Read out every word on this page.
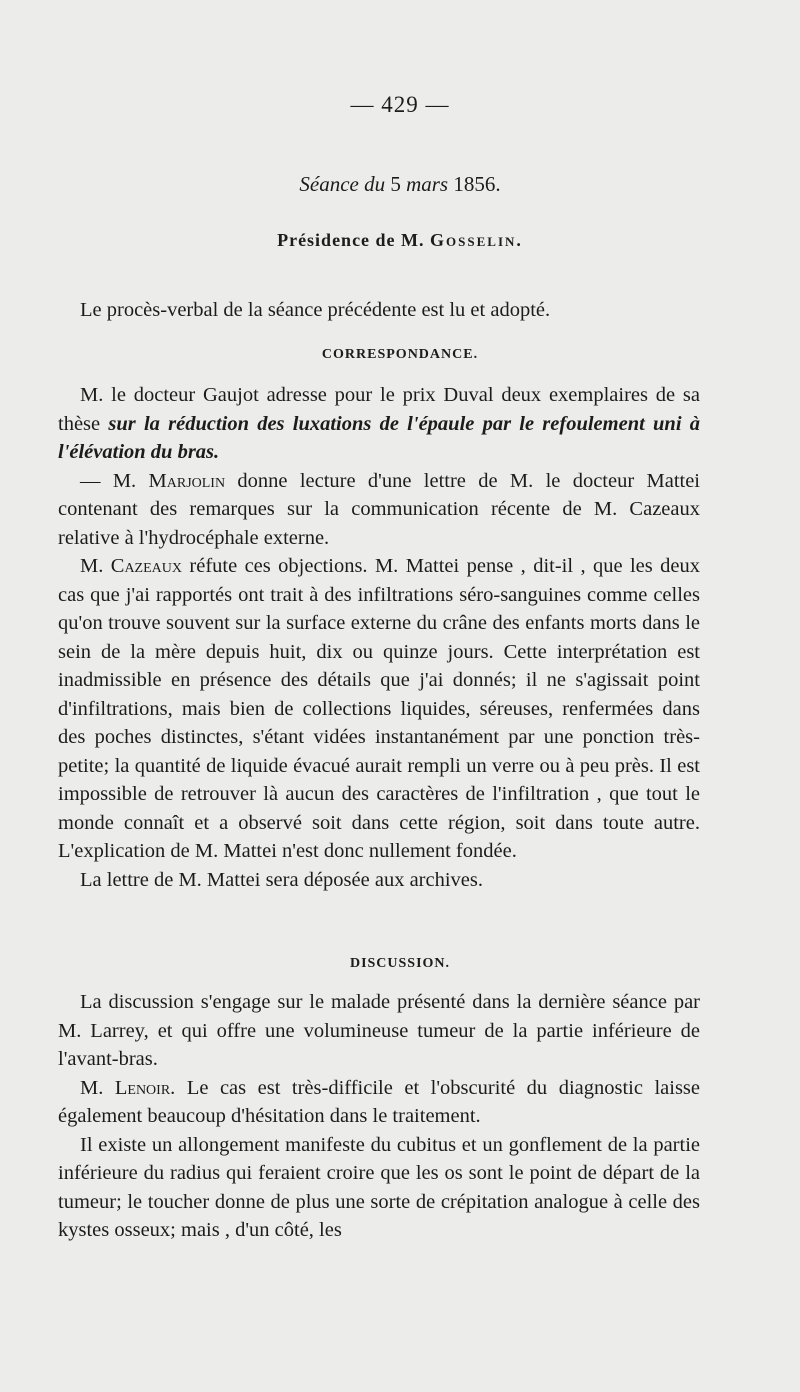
— 429 —
Séance du 5 mars 1856.
Présidence de M. Gosselin.

Le procès-verbal de la séance précédente est lu et adopté.

CORRESPONDANCE.

M. le docteur Gaujot adresse pour le prix Duval deux exemplaires de sa thèse sur la réduction des luxations de l'épaule par le refoulement uni à l'élévation du bras.

— M. Marjolin donne lecture d'une lettre de M. le docteur Mattei contenant des remarques sur la communication récente de M. Cazeaux relative à l'hydrocéphale externe.

M. Cazeaux réfute ces objections. M. Mattei pense , dit-il , que les deux cas que j'ai rapportés ont trait à des infiltrations séro-sanguines comme celles qu'on trouve souvent sur la surface externe du crâne des enfants morts dans le sein de la mère depuis huit, dix ou quinze jours. Cette interprétation est inadmissible en présence des détails que j'ai donnés; il ne s'agissait point d'infiltrations, mais bien de collections liquides, séreuses, renfermées dans des poches distinctes, s'étant vidées instantanément par une ponction très-petite; la quantité de liquide évacué aurait rempli un verre ou à peu près. Il est impossible de retrouver là aucun des caractères de l'infiltration , que tout le monde connaît et a observé soit dans cette région, soit dans toute autre. L'explication de M. Mattei n'est donc nullement fondée.

La lettre de M. Mattei sera déposée aux archives.

DISCUSSION.

La discussion s'engage sur le malade présenté dans la dernière séance par M. Larrey, et qui offre une volumineuse tumeur de la partie inférieure de l'avant-bras.

M. Lenoir. Le cas est très-difficile et l'obscurité du diagnostic laisse également beaucoup d'hésitation dans le traitement.

Il existe un allongement manifeste du cubitus et un gonflement de la partie inférieure du radius qui feraient croire que les os sont le point de départ de la tumeur; le toucher donne de plus une sorte de crépitation analogue à celle des kystes osseux; mais , d'un côté, les
